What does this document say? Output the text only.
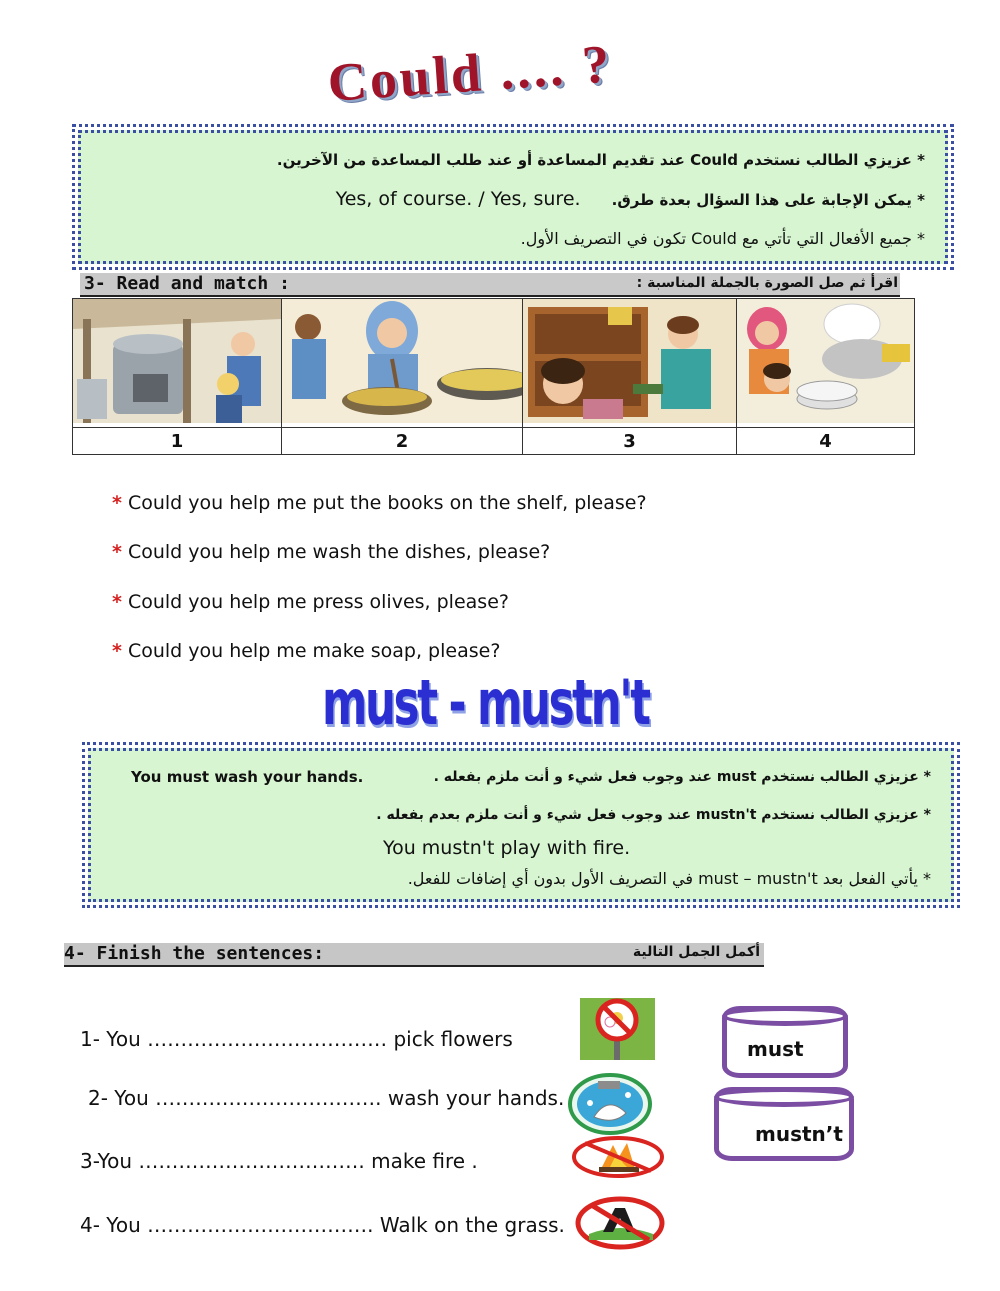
Could .... ?
* عزيزي الطالب نستخدم Could عند تقديم المساعدة أو عند طلب المساعدة من الآخرين.
* يمكن الإجابة على هذا السؤال بعدة طرق. Yes, of course. / Yes, sure.
* جميع الأفعال التي تأتي مع Could تكون في التصريف الأول.
3- Read and match :	اقرأ ثم صل الصورة بالجملة المناسبة :

1	2	3	4
* Could you help me put the books on the shelf, please?
* Could you help me wash the dishes, please?
* Could you help me press olives, please?
* Could you help me make soap, please?
must - mustn't
You must wash your hands.	* عزيزي الطالب نستخدم must عند وجوب فعل شيء و أنت ملزم بفعله .
* عزيزي الطالب نستخدم mustn't عند وجوب فعل شيء و أنت ملزم بعدم بفعله .
You mustn't play with fire.
* يأتي الفعل بعد must – mustn't في التصريف الأول بدون أي إضافات للفعل.
4- Finish the sentences:	أكمل الجمل التالية
1- You ……………………………… pick flowers
2- You ……………………………. wash your hands.
3-You ……………………………. make fire .
4- You ……………………………. Walk on the grass.
must
mustn’t
